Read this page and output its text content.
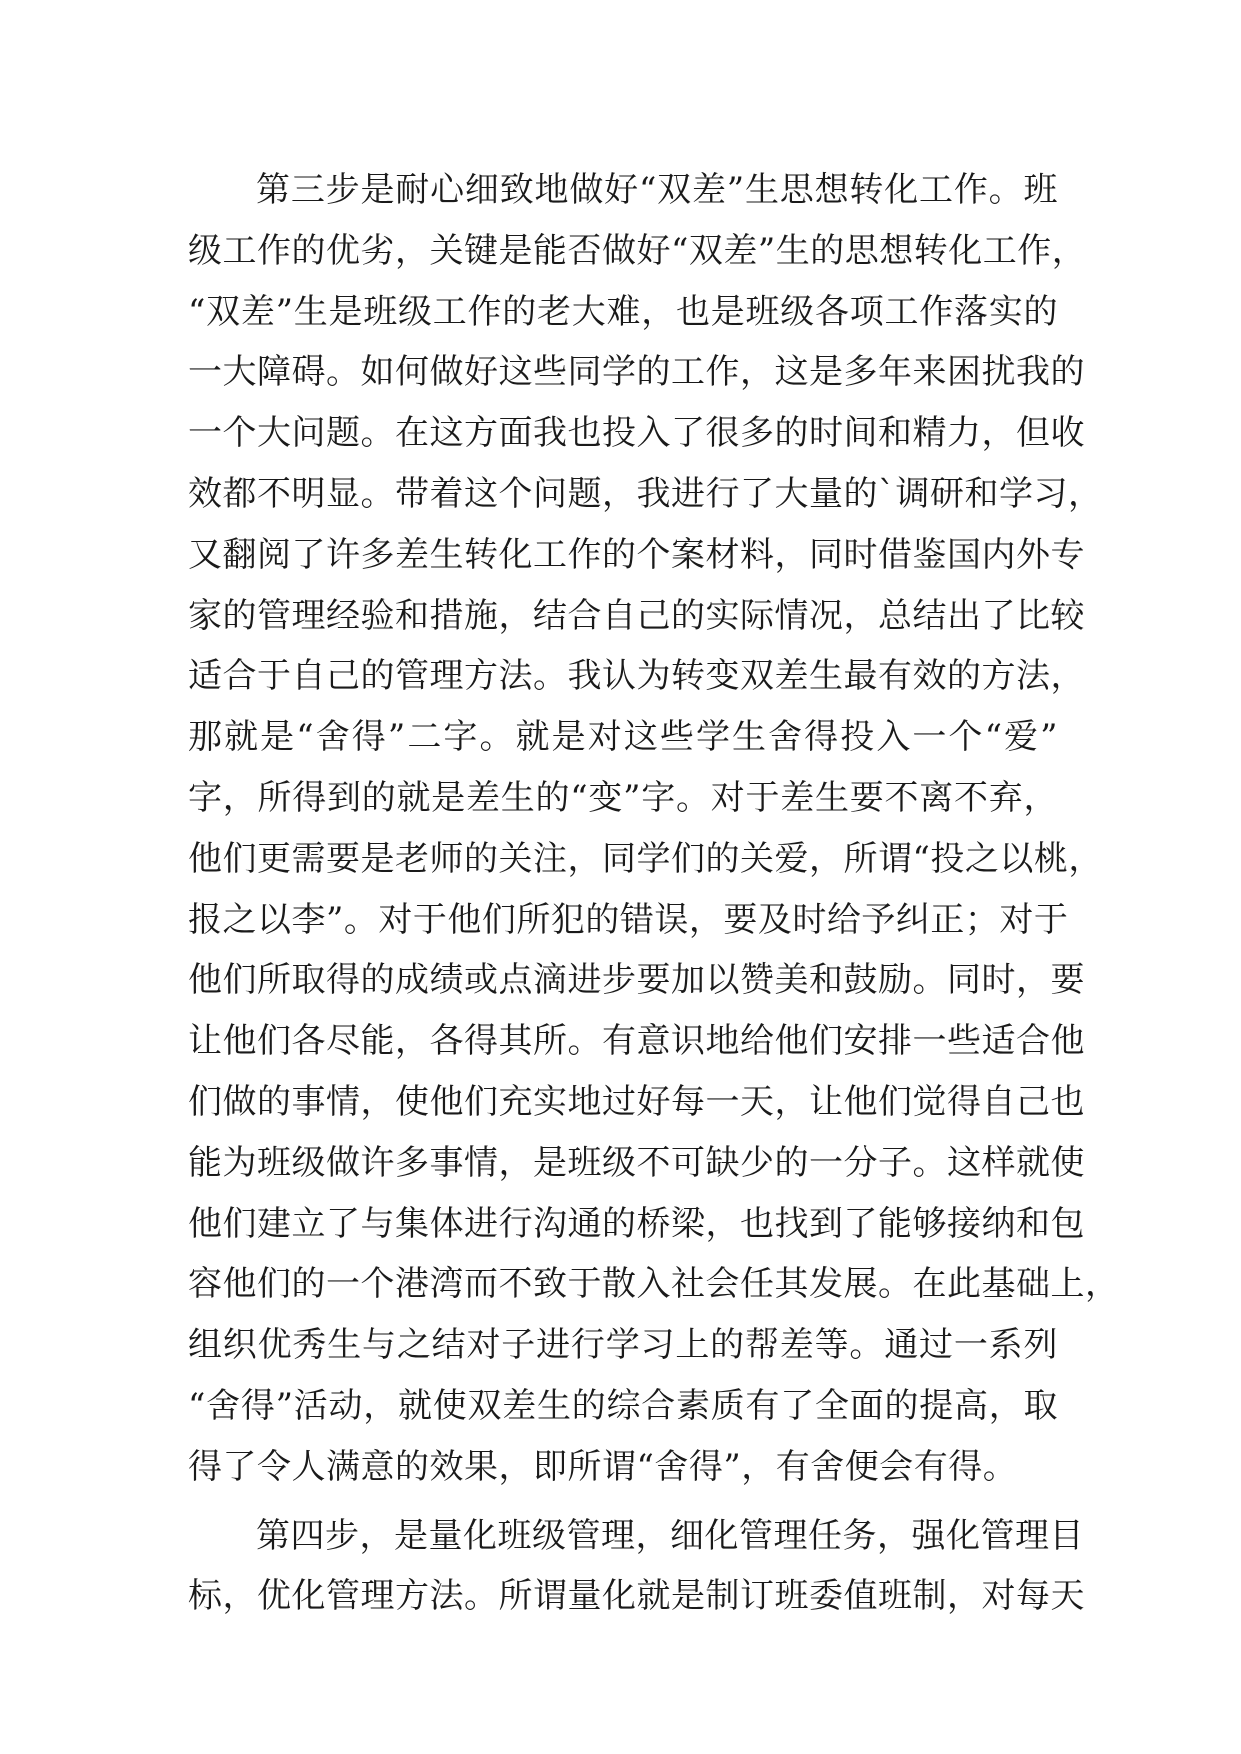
第三步是耐心细致地做好“双差”生思想转化工作。班
级工作的优劣，关键是能否做好“双差”生的思想转化工作，
“双差”生是班级工作的老大难，也是班级各项工作落实的
一大障碍。如何做好这些同学的工作，这是多年来困扰我的
一个大问题。在这方面我也投入了很多的时间和精力，但收
效都不明显。带着这个问题，我进行了大量的`调研和学习，
又翻阅了许多差生转化工作的个案材料，同时借鉴国内外专
家的管理经验和措施，结合自己的实际情况，总结出了比较
适合于自己的管理方法。我认为转变双差生最有效的方法，
那就是“舍得”二字。就是对这些学生舍得投入一个“爱”
字，所得到的就是差生的“变”字。对于差生要不离不弃，
他们更需要是老师的关注，同学们的关爱，所谓“投之以桃，
报之以李”。对于他们所犯的错误，要及时给予纠正；对于
他们所取得的成绩或点滴进步要加以赞美和鼓励。同时，要
让他们各尽能，各得其所。有意识地给他们安排一些适合他
们做的事情，使他们充实地过好每一天，让他们觉得自己也
能为班级做许多事情，是班级不可缺少的一分子。这样就使
他们建立了与集体进行沟通的桥梁，也找到了能够接纳和包
容他们的一个港湾而不致于散入社会任其发展。在此基础上，
组织优秀生与之结对子进行学习上的帮差等。通过一系列
“舍得”活动，就使双差生的综合素质有了全面的提高，取
得了令人满意的效果，即所谓“舍得”，有舍便会有得。
第四步，是量化班级管理，细化管理任务，强化管理目
标，优化管理方法。所谓量化就是制订班委值班制，对每天
